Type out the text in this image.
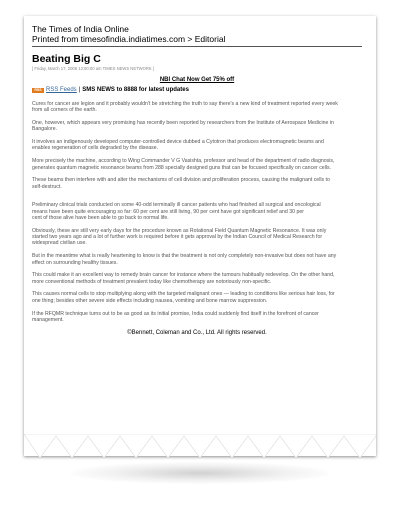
The Times of India Online
Printed from timesofindia.indiatimes.com > Editorial
Beating Big C
[ Friday, March 17, 2006 12:00:00 am TIMES NEWS NETWORK ]
NBI Chat Now Get 75% off
RSS RSS Feeds | SMS NEWS to 8888 for latest updates

Cures for cancer are legion and it probably wouldn't be stretching the truth to say there's a new kind of treatment reported every week
from all corners of the earth.

One, however, which appears very promising has recently been reported by researchers from the Institute of Aerospace Medicine in
Bangalore.

It involves an indigenously developed computer-controlled device dubbed a Cytotron that produces electromagnetic beams and
enables regeneration of cells degraded by the disease.

More precisely the machine, according to Wing Commander V G Vasishta, professor and head of the department of radio diagnosis,
generates quantum magnetic resonance beams from 288 specially designed guns that can be focused specifically on cancer cells.

These beams then interfere with and alter the mechanisms of cell division and proliferation process, causing the malignant cells to
self-destruct.

Preliminary clinical trials conducted on some 40-odd terminally ill cancer patients who had finished all surgical and oncological
means have been quite encouraging so far: 60 per cent are still living, 90 per cent have got significant relief and 30 per
cent of those alive have been able to go back to normal life.

Obviously, these are still very early days for the procedure known as Rotational Field Quantum Magnetic Resonance. It was only
started two years ago and a lot of further work is required before it gets approval by the Indian Council of Medical Research for
widespread civilian use.

But in the meantime what is really heartening to know is that the treatment is not only completely non-invasive but does not have any
effect on surrounding healthy tissues.

This could make it an excellent way to remedy brain cancer for instance where the tumours habitually redevelop. On the other hand,
more conventional methods of treatment prevalent today like chemotherapy are notoriously non-specific.

This causes normal cells to stop multiplying along with the targeted malignant ones — leading to conditions like serious hair loss, for
one thing; besides other severe side effects including nausea, vomiting and bone marrow suppression.

If the RFQMR technique turns out to be as good as its initial promise, India could suddenly find itself in the forefront of cancer
management.

©Bennett, Coleman and Co., Ltd. All rights reserved.
